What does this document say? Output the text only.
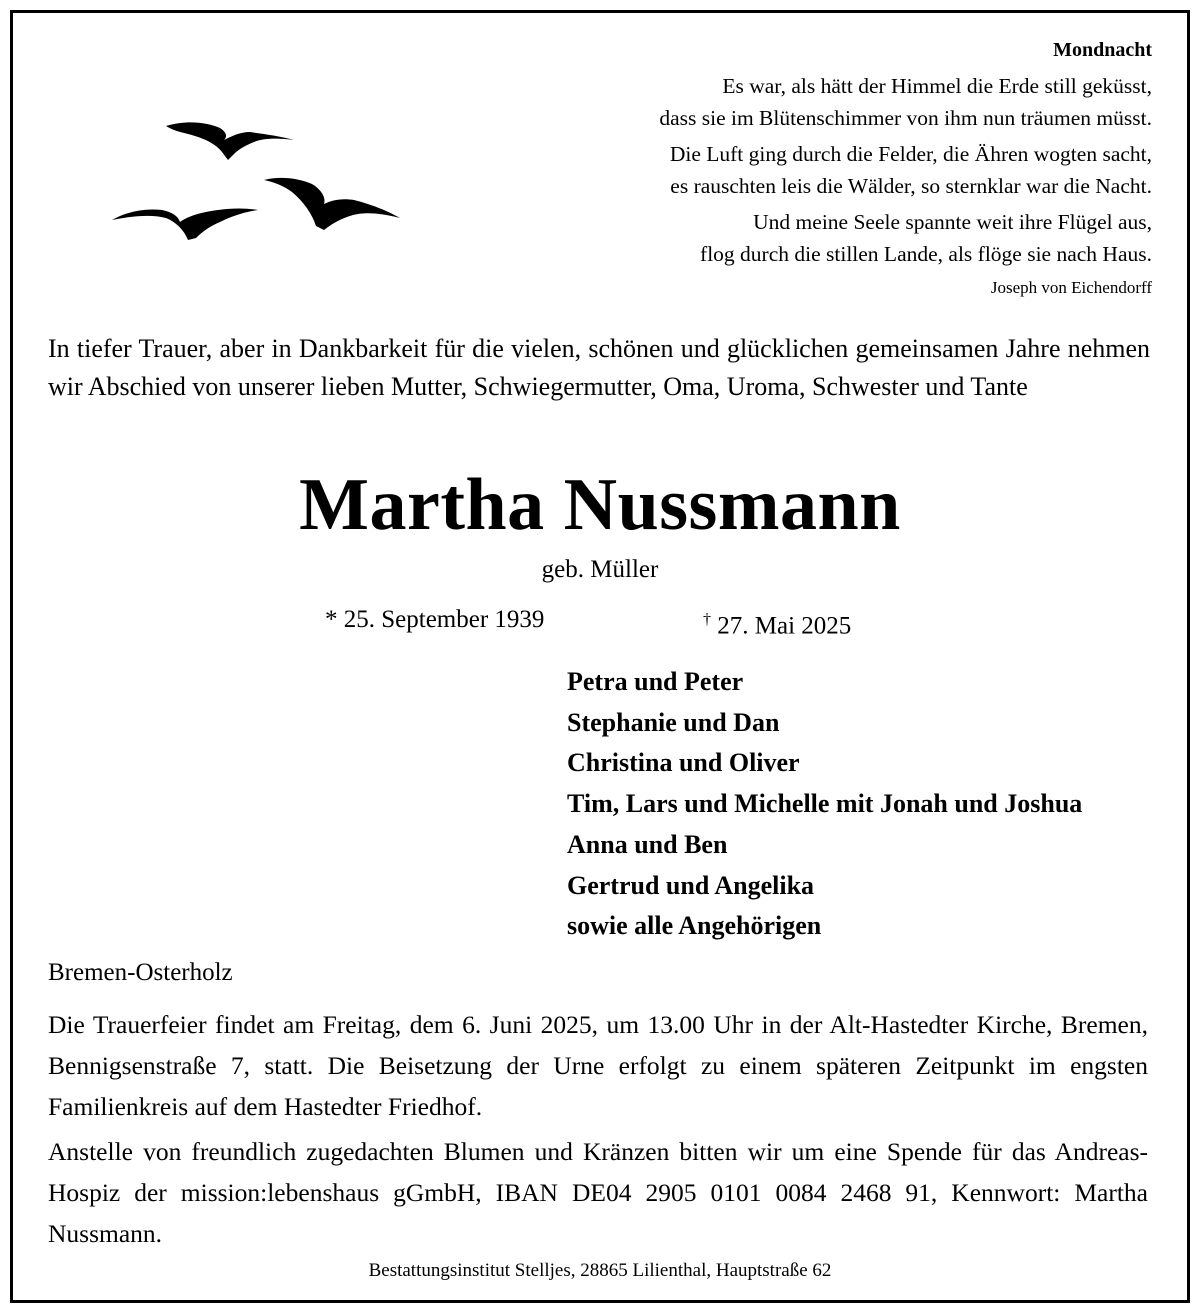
Mondnacht
Es war, als hätt der Himmel die Erde still geküsst,
dass sie im Blütenschimmer von ihm nun träumen müsst.
Die Luft ging durch die Felder, die Ähren wogten sacht,
es rauschten leis die Wälder, so sternklar war die Nacht.
Und meine Seele spannte weit ihre Flügel aus,
flog durch die stillen Lande, als flöge sie nach Haus.
Joseph von Eichendorff
In tiefer Trauer, aber in Dankbarkeit für die vielen, schönen und glücklichen gemeinsamen Jahre nehmen wir Abschied von unserer lieben Mutter, Schwiegermutter, Oma, Uroma, Schwester und Tante
Martha Nussmann
geb. Müller
* 25. September 1939	† 27. Mai 2025
Petra und Peter
Stephanie und Dan
Christina und Oliver
Tim, Lars und Michelle mit Jonah und Joshua
Anna und Ben
Gertrud und Angelika
sowie alle Angehörigen
Bremen-Osterholz
Die Trauerfeier findet am Freitag, dem 6. Juni 2025, um 13.00 Uhr in der Alt-Hastedter Kirche, Bremen, Bennigsenstraße 7, statt. Die Beisetzung der Urne erfolgt zu einem späteren Zeitpunkt im engsten Familienkreis auf dem Hastedter Friedhof.
Anstelle von freundlich zugedachten Blumen und Kränzen bitten wir um eine Spende für das Andreas-Hospiz der mission:lebenshaus gGmbH, IBAN DE04 2905 0101 0084 2468 91, Kennwort: Martha Nussmann.
Bestattungsinstitut Stelljes, 28865 Lilienthal, Hauptstraße 62
